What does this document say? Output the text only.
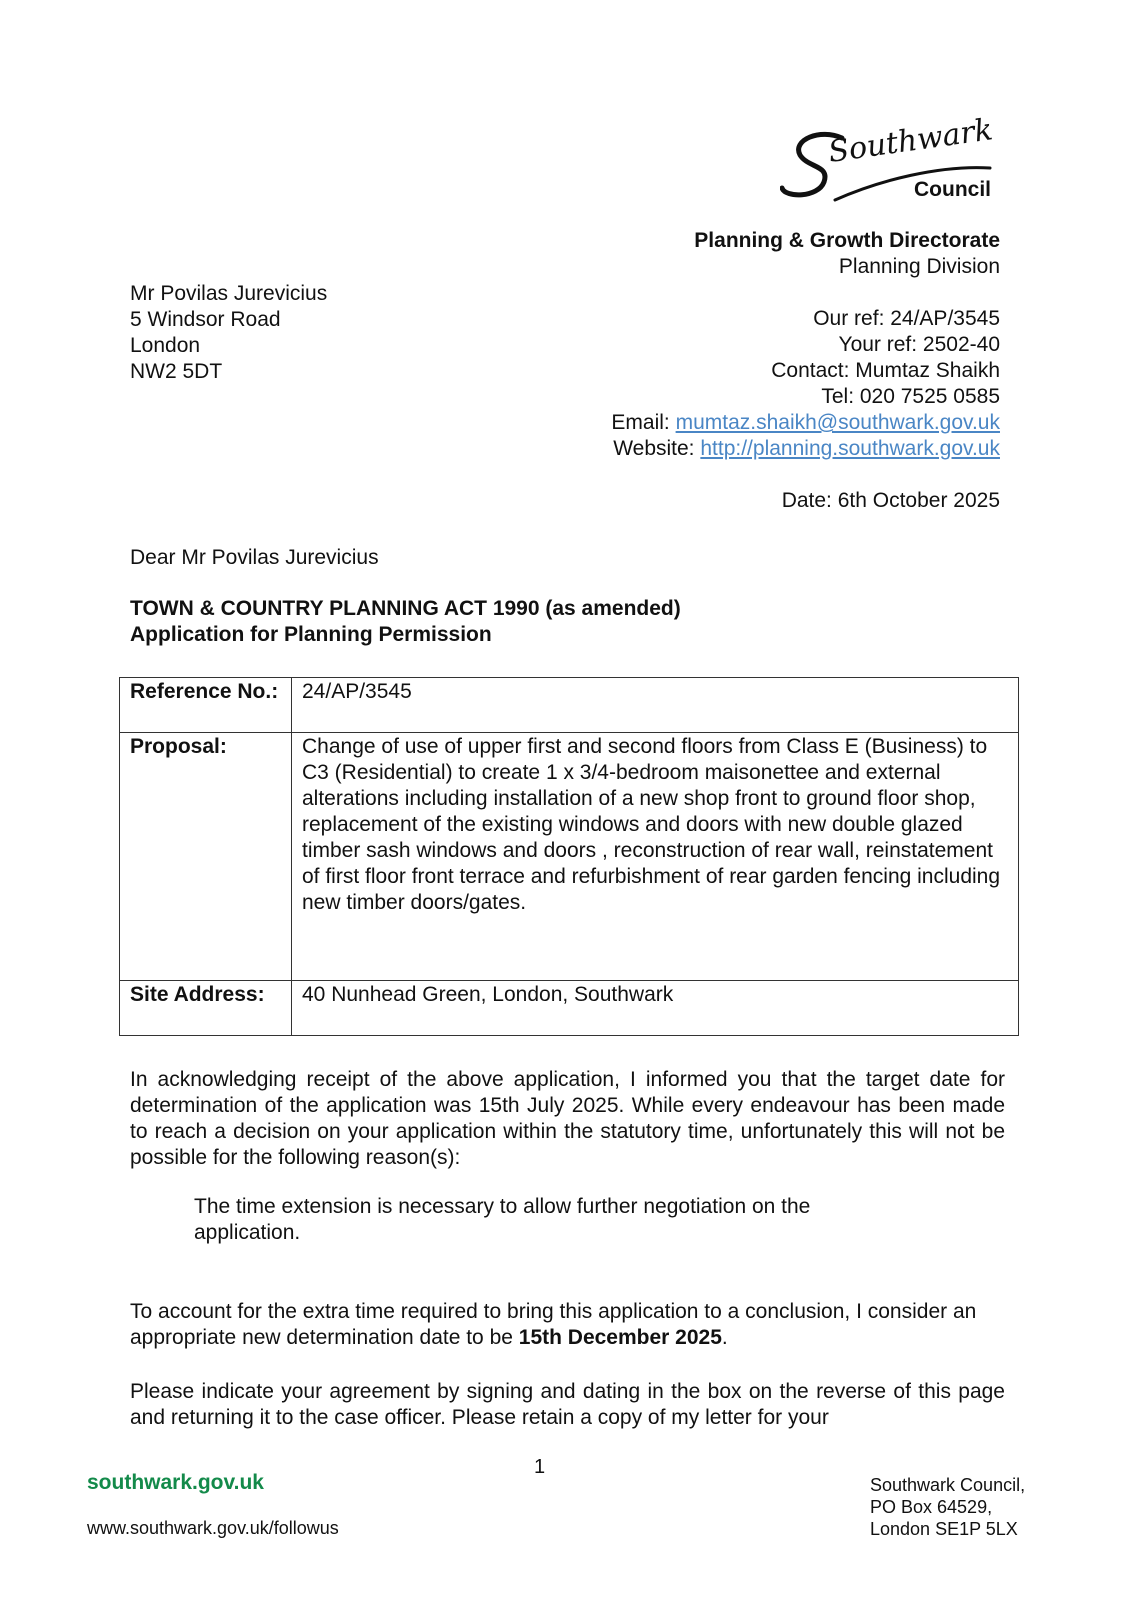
Southwark
Council
Planning & Growth Directorate
Planning Division
Our ref: 24/AP/3545
Your ref: 2502-40
Contact: Mumtaz Shaikh
Tel: 020 7525 0585
Email: mumtaz.shaikh@southwark.gov.uk
Website: http://planning.southwark.gov.uk
Date: 6th October 2025
Mr Povilas Jurevicius
5 Windsor Road
London
NW2 5DT
Dear Mr Povilas Jurevicius
TOWN & COUNTRY PLANNING ACT 1990 (as amended)
Application for Planning Permission
Reference No.:	24/AP/3545
Proposal:	Change of use of upper first and second floors from Class E (Business) to C3 (Residential) to create 1 x 3/4-bedroom maisonettee and external alterations including installation of a new shop front to ground floor shop, replacement of the existing windows and doors with new double glazed timber sash windows and doors , reconstruction of rear wall, reinstatement of first floor front terrace and refurbishment of rear garden fencing including new timber doors/gates.
Site Address:	40 Nunhead Green, London, Southwark
In acknowledging receipt of the above application, I informed you that the target date for determination of the application was 15th July 2025. While every endeavour has been made to reach a decision on your application within the statutory time, unfortunately this will not be possible for the following reason(s):
The time extension is necessary to allow further negotiation on the application.
To account for the extra time required to bring this application to a conclusion, I consider an appropriate new determination date to be 15th December 2025.
Please indicate your agreement by signing and dating in the box on the reverse of this page and returning it to the case officer. Please retain a copy of my letter for your
1
southwark.gov.uk
www.southwark.gov.uk/followus
Southwark Council,
PO Box 64529,
London SE1P 5LX
